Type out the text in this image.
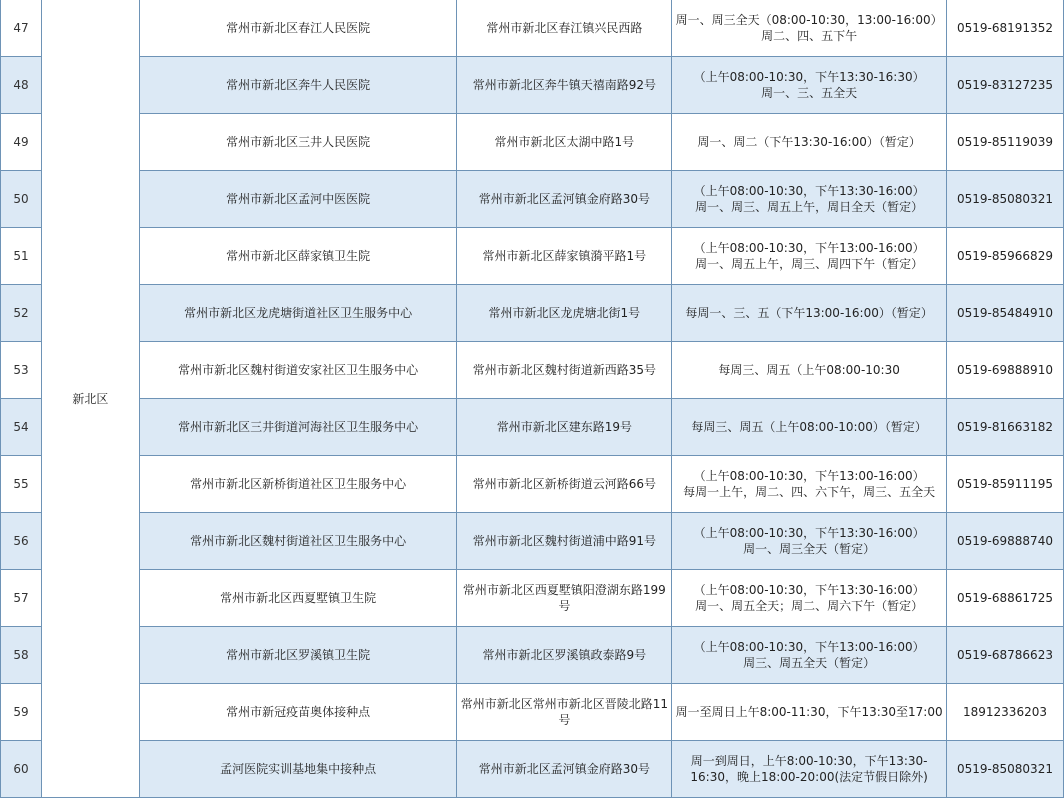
47	新北区	常州市新北区春江人民医院	常州市新北区春江镇兴民西路	周一、周三全天（08:00-10:30，13:00-16:00）
周二、四、五下午	0519-68191352
48		常州市新北区奔牛人民医院	常州市新北区奔牛镇天禧南路92号	（上午08:00-10:30，下午13:30-16:30）
周一、三、五全天	0519-83127235
49		常州市新北区三井人民医院	常州市新北区太湖中路1号	周一、周二（下午13:30-16:00）（暂定）	0519-85119039
50		常州市新北区孟河中医医院	常州市新北区孟河镇金府路30号	（上午08:00-10:30，下午13:30-16:00）
周一、周三、周五上午，周日全天（暂定）	0519-85080321
51		常州市新北区薛家镇卫生院	常州市新北区薛家镇漪平路1号	（上午08:00-10:30，下午13:00-16:00）
周一、周五上午，周三、周四下午（暂定）	0519-85966829
52		常州市新北区龙虎塘街道社区卫生服务中心	常州市新北区龙虎塘北街1号	每周一、三、五（下午13:00-16:00）（暂定）	0519-85484910
53		常州市新北区魏村街道安家社区卫生服务中心	常州市新北区魏村街道新西路35号	每周三、周五（上午08:00-10:30	0519-69888910
54		常州市新北区三井街道河海社区卫生服务中心	常州市新北区建东路19号	每周三、周五（上午08:00-10:00）（暂定）	0519-81663182
55		常州市新北区新桥街道社区卫生服务中心	常州市新北区新桥街道云河路66号	（上午08:00-10:30，下午13:00-16:00）
每周一上午，周二、四、六下午，周三、五全天	0519-85911195
56		常州市新北区魏村街道社区卫生服务中心	常州市新北区魏村街道浦中路91号	（上午08:00-10:30，下午13:30-16:00）
周一、周三全天（暂定）	0519-69888740
57		常州市新北区西夏墅镇卫生院	常州市新北区西夏墅镇阳澄湖东路199号	（上午08:00-10:30，下午13:30-16:00）
周一、周五全天；周二、周六下午（暂定）	0519-68861725
58		常州市新北区罗溪镇卫生院	常州市新北区罗溪镇政泰路9号	（上午08:00-10:30，下午13:00-16:00）
周三、周五全天（暂定）	0519-68786623
59		常州市新冠疫苗奥体接种点	常州市新北区常州市新北区晋陵北路11号	周一至周日上午8:00-11:30，下午13:30至17:00	18912336203
60		孟河医院实训基地集中接种点	常州市新北区孟河镇金府路30号	周一到周日，上午8:00-10:30，下午13:30-16:30，晚上18:00-20:00(法定节假日除外)	0519-85080321
